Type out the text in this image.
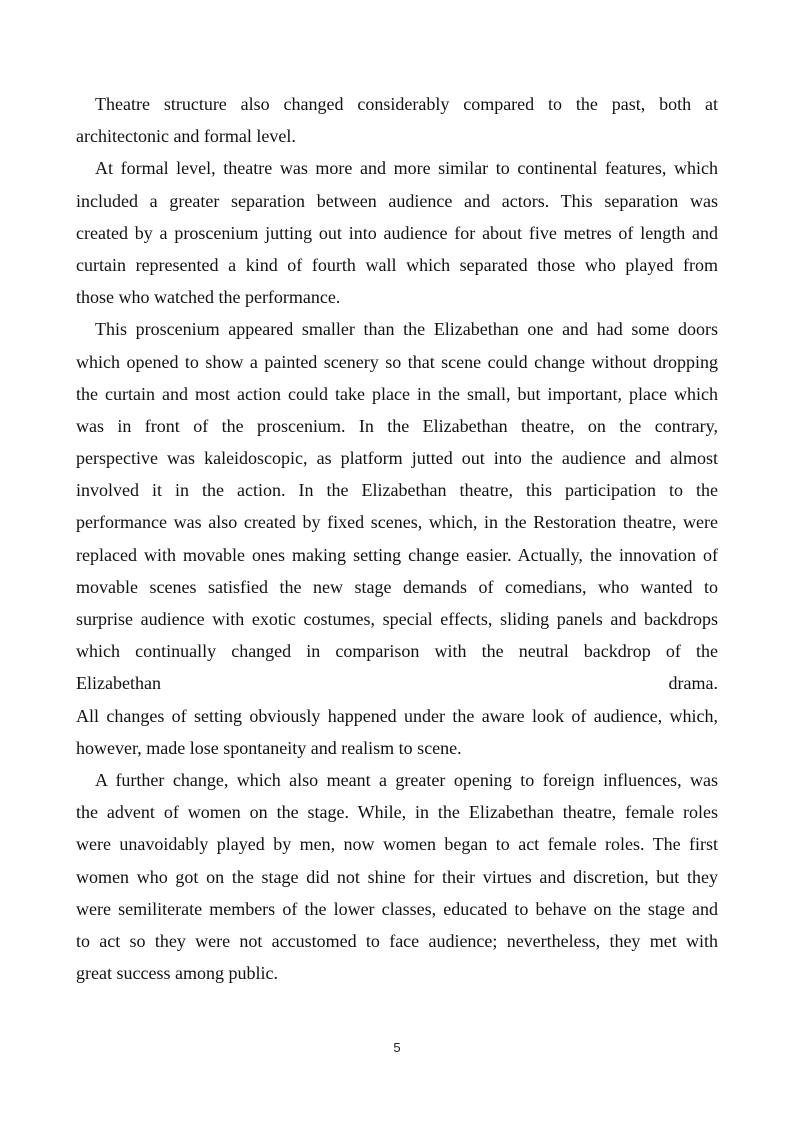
Theatre structure also changed considerably compared to the past, both at
architectonic and formal level.
At formal level, theatre was more and more similar to continental features, which
included a greater separation between audience and actors. This separation was
created by a proscenium jutting out into audience for about five metres of length and
curtain represented a kind of fourth wall which separated those who played from
those who watched the performance.
This proscenium appeared smaller than the Elizabethan one and had some doors
which opened to show a painted scenery so that scene could change without dropping
the curtain and most action could take place in the small, but important, place which
was in front of the proscenium. In the Elizabethan theatre, on the contrary,
perspective was kaleidoscopic, as platform jutted out into the audience and almost
involved it in the action. In the Elizabethan theatre, this participation to the
performance was also created by fixed scenes, which, in the Restoration theatre, were
replaced with movable ones making setting change easier. Actually, the innovation of
movable scenes satisfied the new stage demands of comedians, who wanted to
surprise audience with exotic costumes, special effects, sliding panels and backdrops
which continually changed in comparison with the neutral backdrop of the
Elizabethan drama.
All changes of setting obviously happened under the aware look of audience, which,
however, made lose spontaneity and realism to scene.
A further change, which also meant a greater opening to foreign influences, was
the advent of women on the stage. While, in the Elizabethan theatre, female roles
were unavoidably played by men, now women began to act female roles. The first
women who got on the stage did not shine for their virtues and discretion, but they
were semiliterate members of the lower classes, educated to behave on the stage and
to act so they were not accustomed to face audience; nevertheless, they met with
great success among public.
5
